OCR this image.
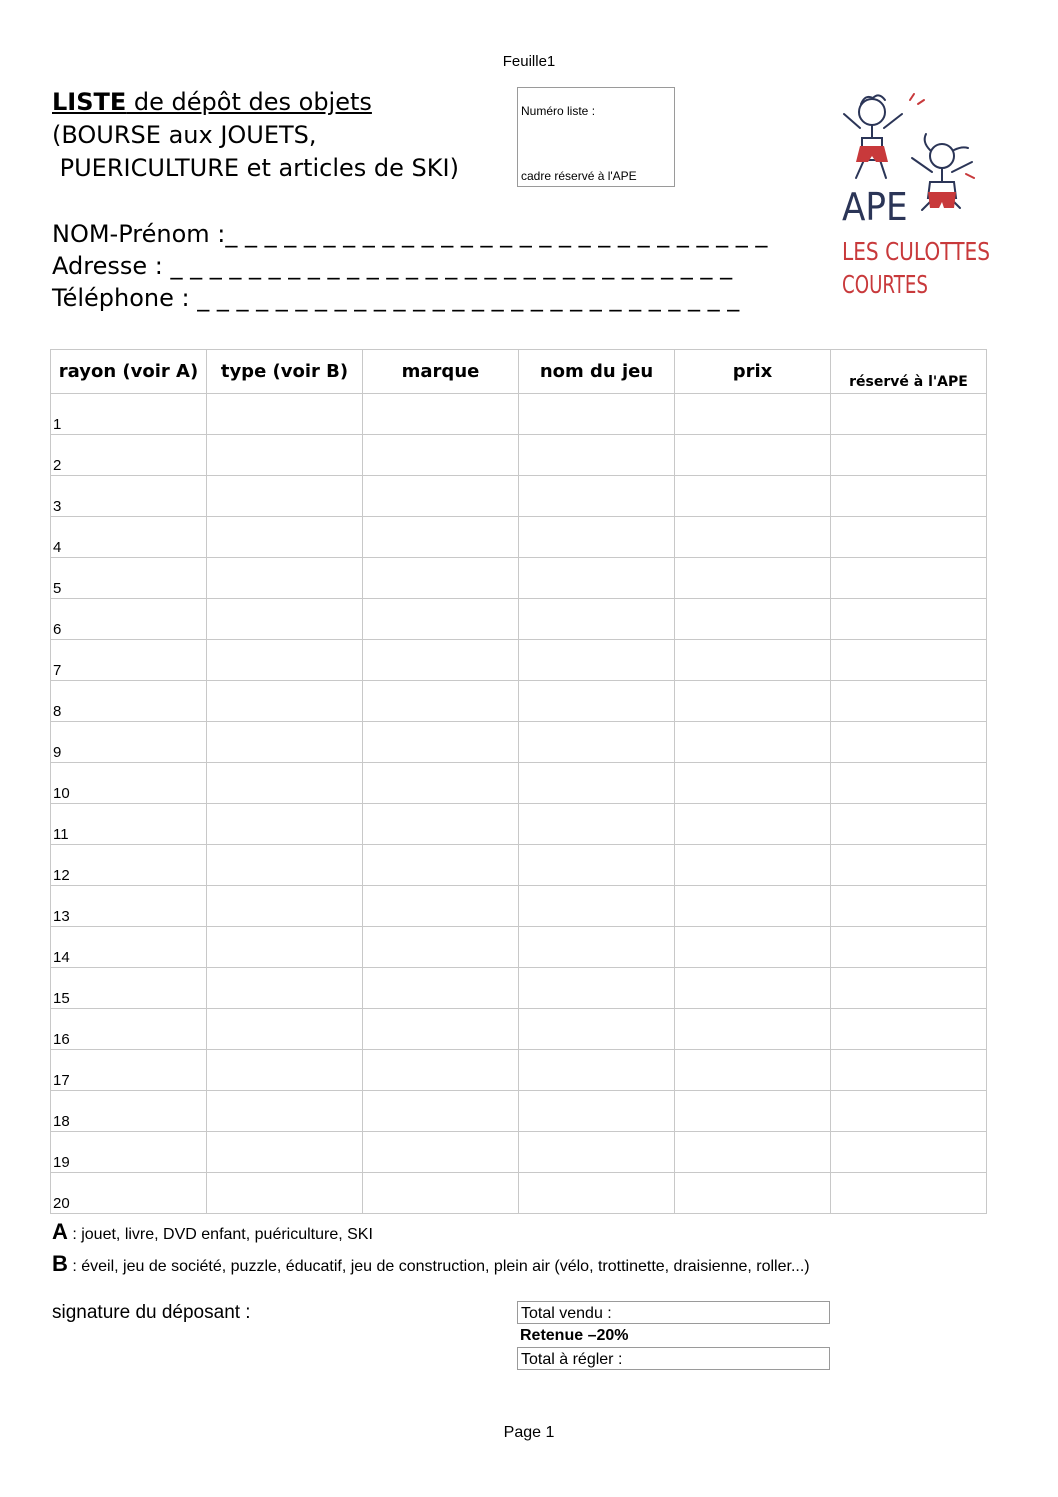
Feuille1
LISTE de dépôt des objets
(BOURSE aux JOUETS,
PUERICULTURE et articles de SKI)
Numéro liste :
cadre réservé à l'APE
NOM-Prénom :_ _ _ _ _ _ _ _ _ _ _ _ _ _ _ _ _ _ _ _ _ _ _ _ _ _ _ _
Adresse : _ _ _ _ _ _ _ _ _ _ _ _ _ _ _ _ _ _ _ _ _ _ _ _ _ _ _ _ _
Téléphone : _ _ _ _ _ _ _ _ _ _ _ _ _ _ _ _ _ _ _ _ _ _ _ _ _ _ _ _
APE
LES CULOTTES
COURTES
rayon (voir A)	type (voir B)	marque	nom du jeu	prix	réservé à l'APE
1					
2					
3					
4					
5					
6					
7					
8					
9					
10					
11					
12					
13					
14					
15					
16					
17					
18					
19					
20					
A : jouet, livre, DVD enfant, puériculture, SKI
B : éveil, jeu de société, puzzle, éducatif, jeu de construction, plein air (vélo, trottinette, draisienne, roller...)
signature du déposant :	Total vendu :
Retenue –20%
Total à régler :
Page 1
